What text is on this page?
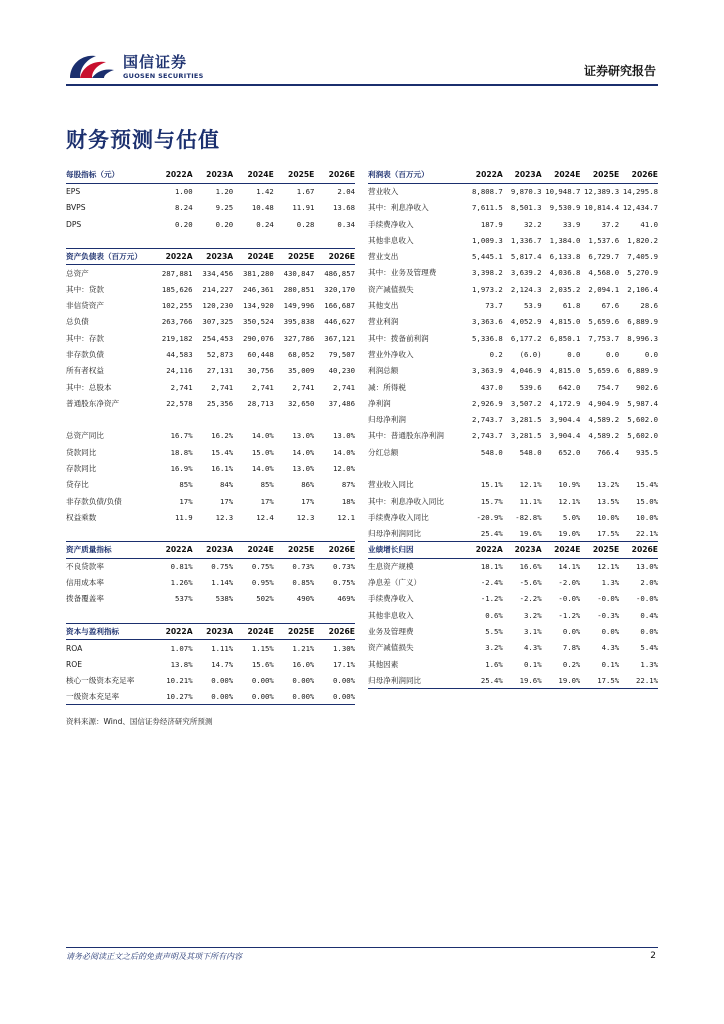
国信证券
GUOSEN SECURITIES	证券研究报告
财务预测与估值
每股指标（元）	2022A	2023A	2024E	2025E	2026E
EPS	1.00	1.20	1.42	1.67	2.04
BVPS	8.24	9.25	10.48	11.91	13.68
DPS	0.20	0.20	0.24	0.28	0.34

资产负债表（百万元）	2022A	2023A	2024E	2025E	2026E
总资产	287,881	334,456	381,280	430,847	486,857
其中：贷款	185,626	214,227	246,361	280,851	320,170
非信贷资产	102,255	120,230	134,920	149,996	166,687
总负债	263,766	307,325	350,524	395,838	446,627
其中：存款	219,182	254,453	290,076	327,786	367,121
非存款负债	44,583	52,873	60,448	68,052	79,507
所有者权益	24,116	27,131	30,756	35,009	40,230
其中：总股本	2,741	2,741	2,741	2,741	2,741
普通股东净资产	22,578	25,356	28,713	32,650	37,486

总资产同比	16.7%	16.2%	14.0%	13.0%	13.0%
贷款同比	18.8%	15.4%	15.0%	14.0%	14.0%
存款同比	16.9%	16.1%	14.0%	13.0%	12.0%
贷存比	85%	84%	85%	86%	87%
非存款负债/负债	17%	17%	17%	17%	18%
权益乘数	11.9	12.3	12.4	12.3	12.1

资产质量指标	2022A	2023A	2024E	2025E	2026E
不良贷款率	0.81%	0.75%	0.75%	0.73%	0.73%
信用成本率	1.26%	1.14%	0.95%	0.85%	0.75%
拨备覆盖率	537%	538%	502%	490%	469%

资本与盈利指标	2022A	2023A	2024E	2025E	2026E
ROA	1.07%	1.11%	1.15%	1.21%	1.30%
ROE	13.8%	14.7%	15.6%	16.0%	17.1%
核心一级资本充足率	10.21%	0.00%	0.00%	0.00%	0.00%
一级资本充足率	10.27%	0.00%	0.00%	0.00%	0.00%
利润表（百万元）	2022A	2023A	2024E	2025E	2026E
营业收入	8,808.7	9,870.3	10,948.7	12,389.3	14,295.8
其中：利息净收入	7,611.5	8,501.3	9,530.9	10,814.4	12,434.7
手续费净收入	187.9	32.2	33.9	37.2	41.0
其他非息收入	1,009.3	1,336.7	1,384.0	1,537.6	1,820.2
营业支出	5,445.1	5,817.4	6,133.8	6,729.7	7,405.9
其中：业务及管理费	3,398.2	3,639.2	4,036.8	4,568.0	5,270.9
资产减值损失	1,973.2	2,124.3	2,035.2	2,094.1	2,106.4
其他支出	73.7	53.9	61.8	67.6	28.6
营业利润	3,363.6	4,052.9	4,815.0	5,659.6	6,889.9
其中：拨备前利润	5,336.8	6,177.2	6,850.1	7,753.7	8,996.3
营业外净收入	0.2	(6.0)	0.0	0.0	0.0
利润总额	3,363.9	4,046.9	4,815.0	5,659.6	6,889.9
减：所得税	437.0	539.6	642.0	754.7	902.6
净利润	2,926.9	3,507.2	4,172.9	4,904.9	5,987.4
归母净利润	2,743.7	3,281.5	3,904.4	4,589.2	5,602.0
其中：普通股东净利润	2,743.7	3,281.5	3,904.4	4,589.2	5,602.0
分红总额	548.0	548.0	652.0	766.4	935.5

营业收入同比	15.1%	12.1%	10.9%	13.2%	15.4%
其中：利息净收入同比	15.7%	11.1%	12.1%	13.5%	15.0%
手续费净收入同比	-20.9%	-82.8%	5.0%	10.0%	10.0%
归母净利润同比	25.4%	19.6%	19.0%	17.5%	22.1%
业绩增长归因	2022A	2023A	2024E	2025E	2026E
生息资产规模	18.1%	16.6%	14.1%	12.1%	13.0%
净息差（广义）	-2.4%	-5.6%	-2.0%	1.3%	2.0%
手续费净收入	-1.2%	-2.2%	-0.0%	-0.0%	-0.0%
其他非息收入	0.6%	3.2%	-1.2%	-0.3%	0.4%
业务及管理费	5.5%	3.1%	0.0%	0.0%	0.0%
资产减值损失	3.2%	4.3%	7.8%	4.3%	5.4%
其他因素	1.6%	0.1%	0.2%	0.1%	1.3%
归母净利润同比	25.4%	19.6%	19.0%	17.5%	22.1%
资料来源：Wind、国信证券经济研究所预测
请务必阅读正文之后的免责声明及其项下所有内容	2
